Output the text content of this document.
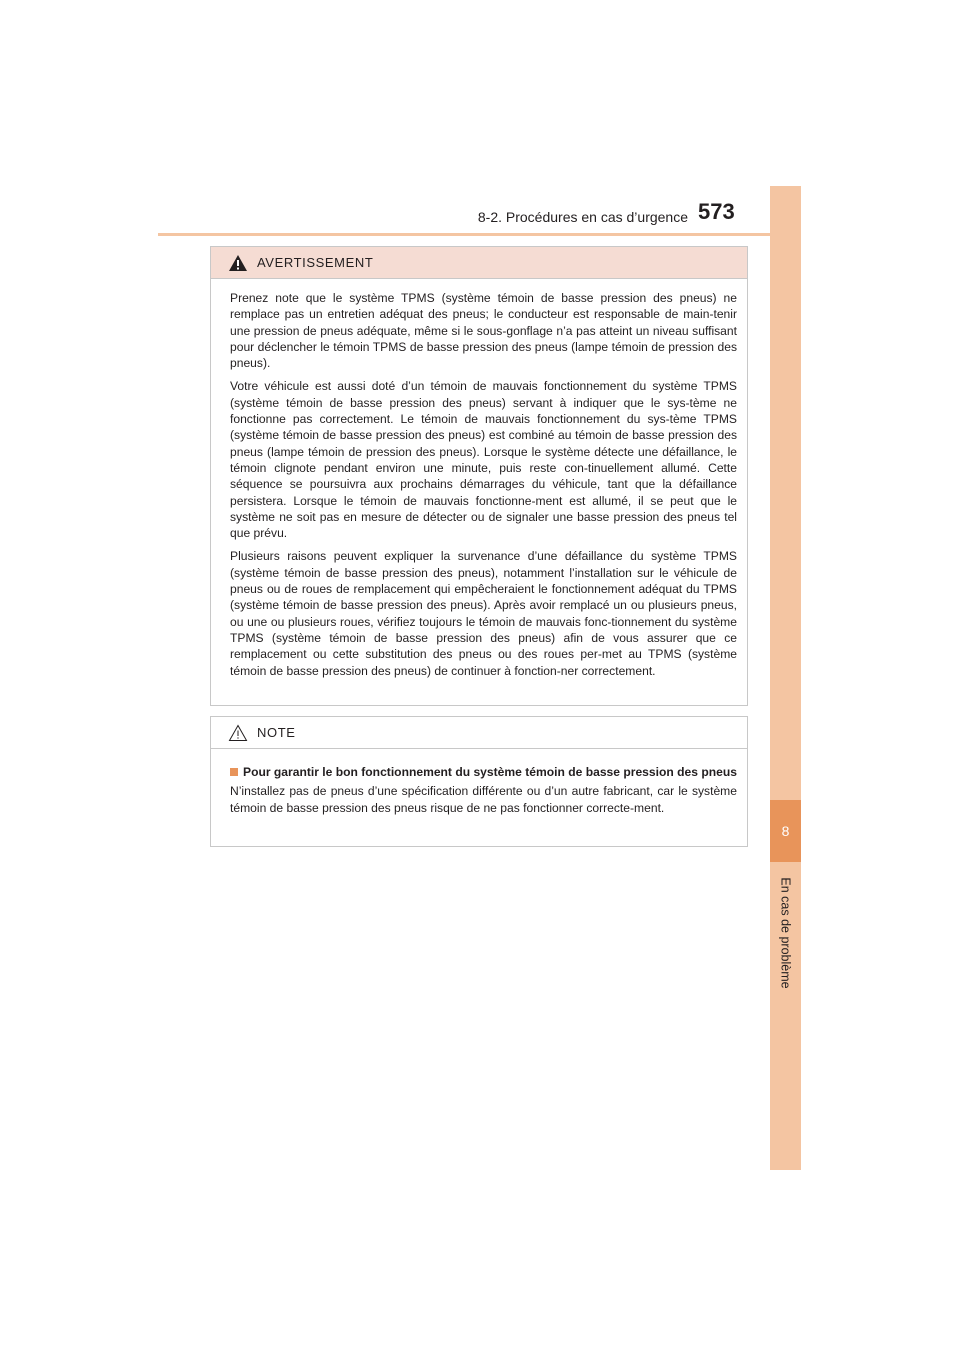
8-2. Procédures en cas d’urgence 573
8
En cas de problème
AVERTISSEMENT

Prenez note que le système TPMS (système témoin de basse pression des pneus) ne remplace pas un entretien adéquat des pneus; le conducteur est responsable de main-tenir une pression de pneus adéquate, même si le sous-gonflage n’a pas atteint un niveau suffisant pour déclencher le témoin TPMS de basse pression des pneus (lampe témoin de pression des pneus).

Votre véhicule est aussi doté d’un témoin de mauvais fonctionnement du système TPMS (système témoin de basse pression des pneus) servant à indiquer que le sys-tème ne fonctionne pas correctement. Le témoin de mauvais fonctionnement du sys-tème TPMS (système témoin de basse pression des pneus) est combiné au témoin de basse pression des pneus (lampe témoin de pression des pneus). Lorsque le système détecte une défaillance, le témoin clignote pendant environ une minute, puis reste con-tinuellement allumé. Cette séquence se poursuivra aux prochains démarrages du véhicule, tant que la défaillance persistera. Lorsque le témoin de mauvais fonctionne-ment est allumé, il se peut que le système ne soit pas en mesure de détecter ou de signaler une basse pression des pneus tel que prévu.

Plusieurs raisons peuvent expliquer la survenance d’une défaillance du système TPMS (système témoin de basse pression des pneus), notamment l’installation sur le véhicule de pneus ou de roues de remplacement qui empêcheraient le fonctionnement adéquat du TPMS (système témoin de basse pression des pneus). Après avoir remplacé un ou plusieurs pneus, ou une ou plusieurs roues, vérifiez toujours le témoin de mauvais fonc-tionnement du système TPMS (système témoin de basse pression des pneus) afin de vous assurer que ce remplacement ou cette substitution des pneus ou des roues per-met au TPMS (système témoin de basse pression des pneus) de continuer à fonction-ner correctement.

NOTE
Pour garantir le bon fonctionnement du système témoin de basse pression des pneus

N’installez pas de pneus d’une spécification différente ou d’un autre fabricant, car le système témoin de basse pression des pneus risque de ne pas fonctionner correcte-ment.
